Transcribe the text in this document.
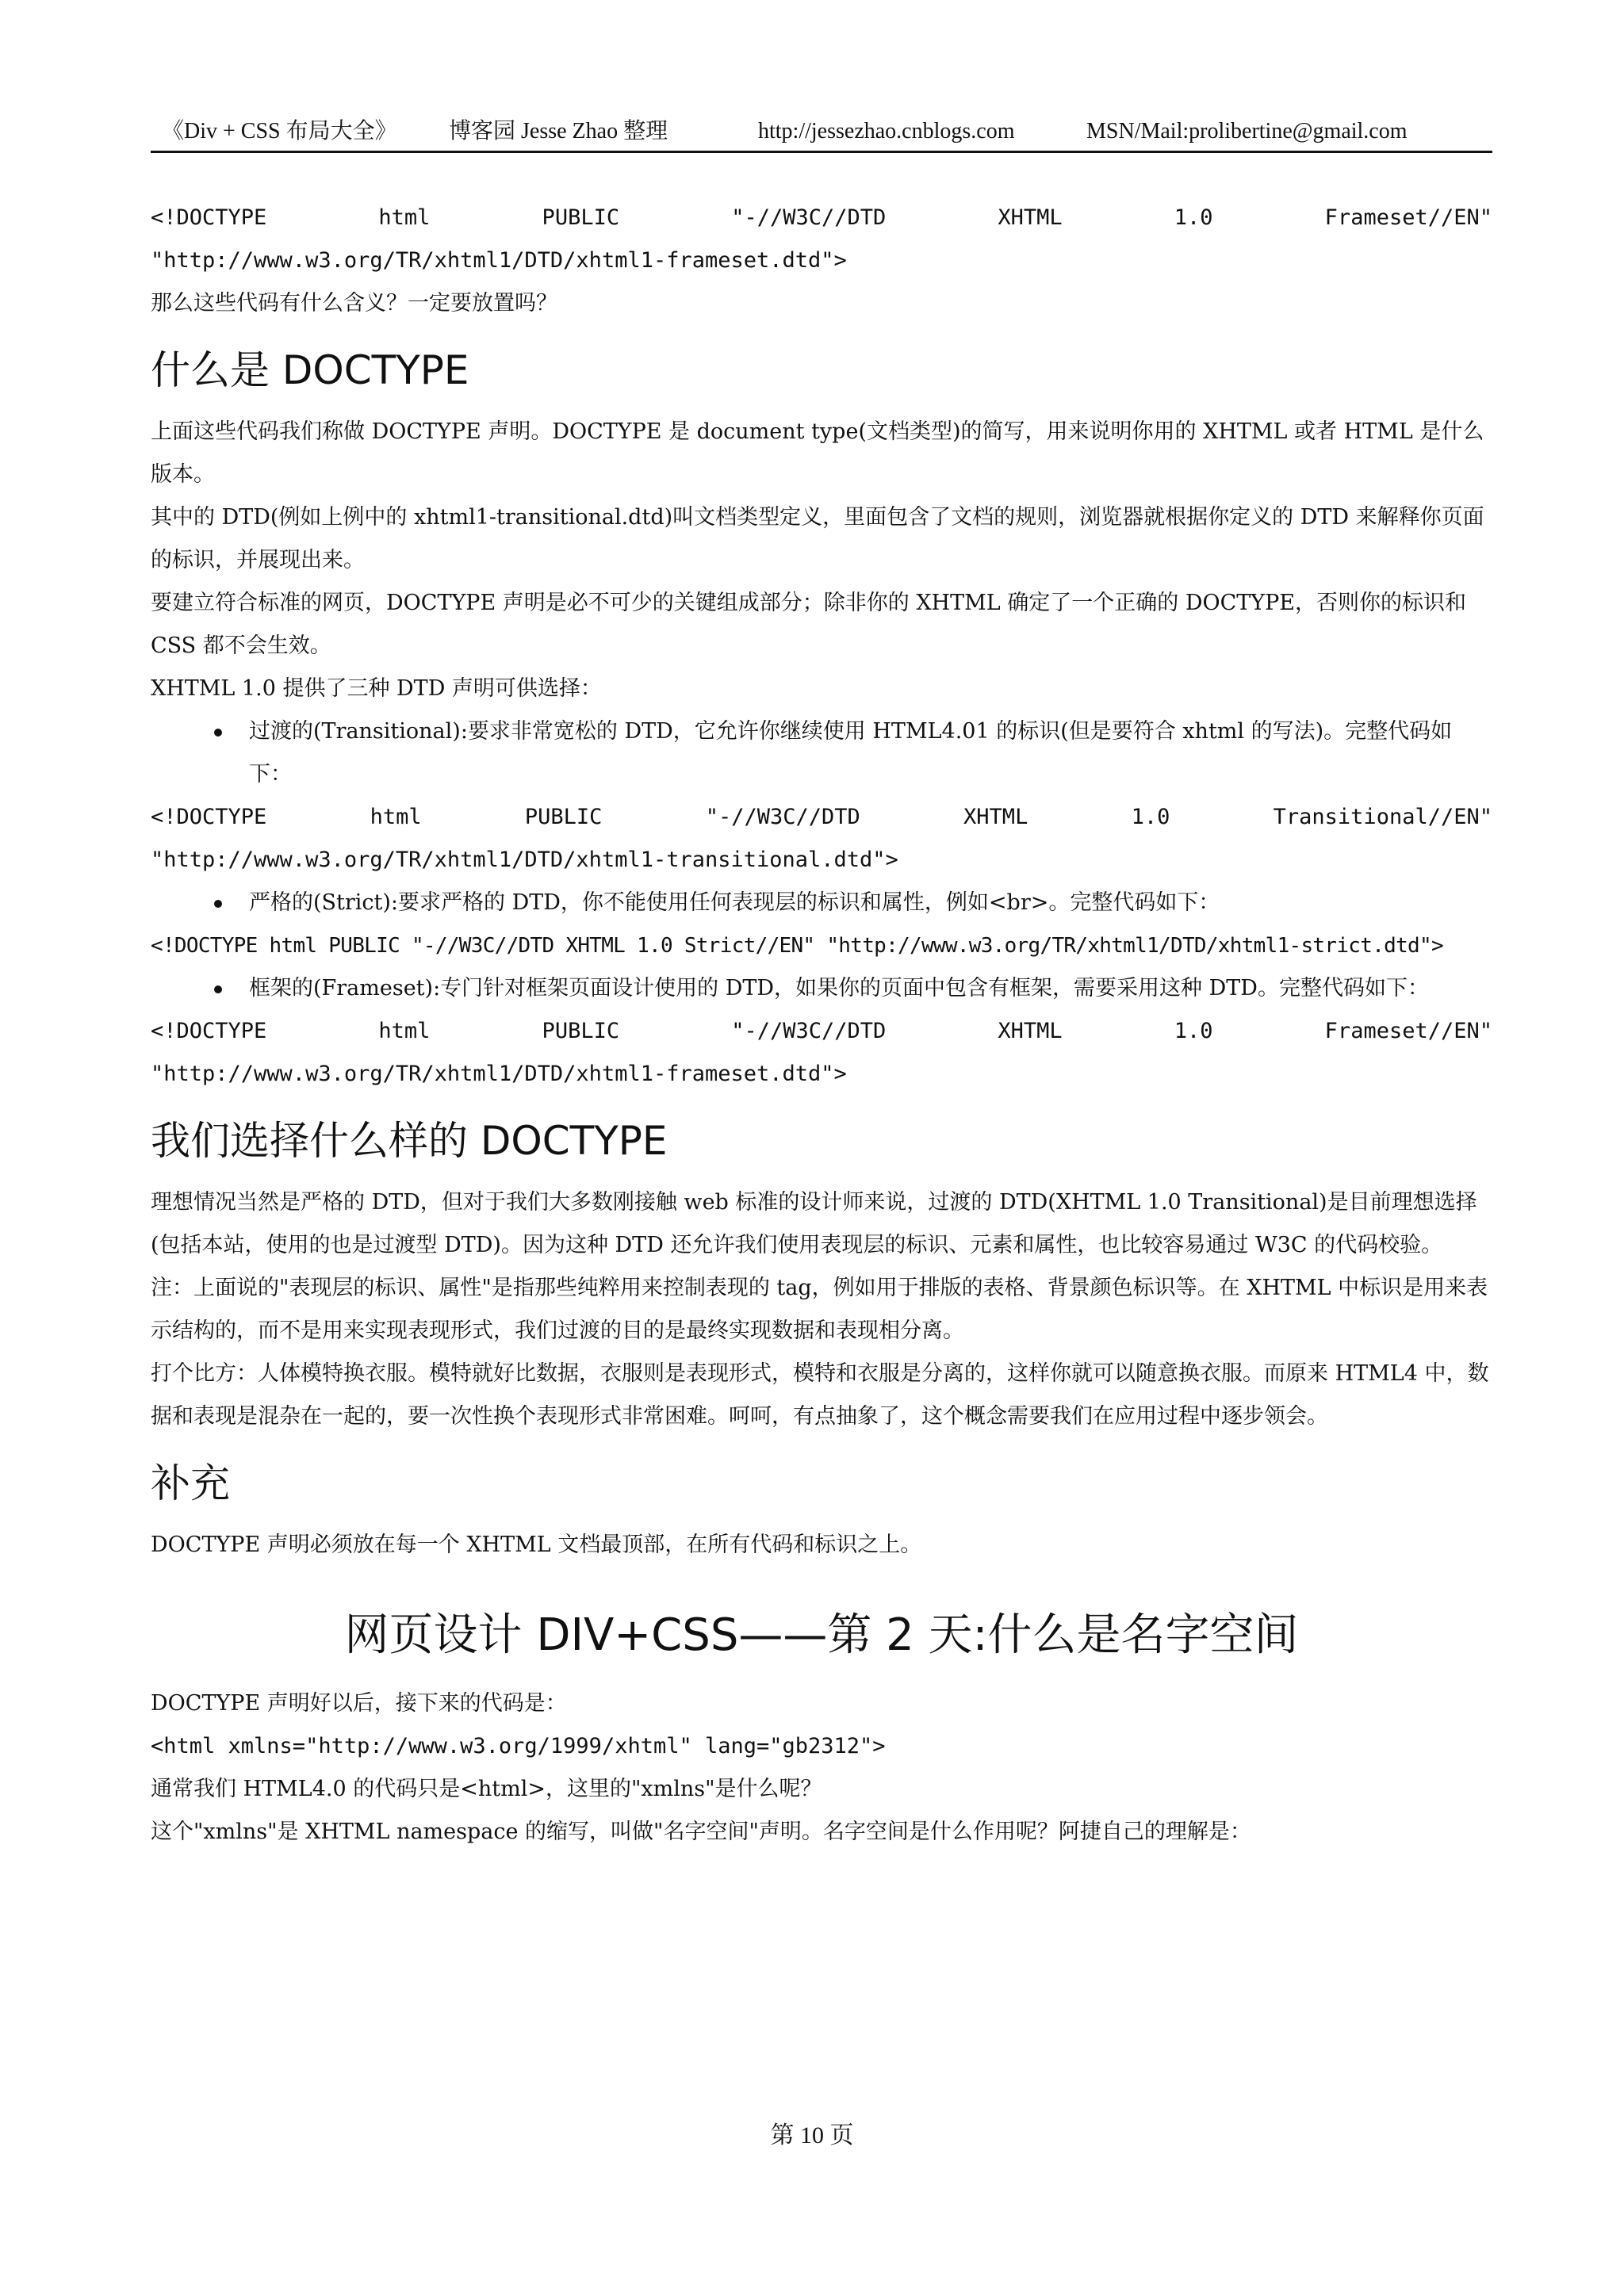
《Div + CSS 布局大全》 博客园 Jesse Zhao 整理	http://jessezhao.cnblogs.com	MSN/Mail:prolibertine@gmail.com

<!DOCTYPE html PUBLIC "-//W3C//DTD XHTML 1.0 Frameset//EN"

"http://www.w3.org/TR/xhtml1/DTD/xhtml1-frameset.dtd">

那么这些代码有什么含义？一定要放置吗？

什么是 DOCTYPE

上面这些代码我们称做 DOCTYPE 声明。DOCTYPE 是 document type(文档类型)的简写，用来说明你用的 XHTML 或者 HTML 是什么版本。

其中的 DTD(例如上例中的 xhtml1-transitional.dtd)叫文档类型定义，里面包含了文档的规则，浏览器就根据你定义的 DTD 来解释你页面的标识，并展现出来。

要建立符合标准的网页，DOCTYPE 声明是必不可少的关键组成部分；除非你的 XHTML 确定了一个正确的 DOCTYPE，否则你的标识和 CSS 都不会生效。

XHTML 1.0 提供了三种 DTD 声明可供选择：

过渡的(Transitional):要求非常宽松的 DTD，它允许你继续使用 HTML4.01 的标识(但是要符合 xhtml 的写法)。完整代码如下：

<!DOCTYPE html PUBLIC "-//W3C//DTD XHTML 1.0 Transitional//EN"

"http://www.w3.org/TR/xhtml1/DTD/xhtml1-transitional.dtd">

严格的(Strict):要求严格的 DTD，你不能使用任何表现层的标识和属性，例如<br>。完整代码如下：

<!DOCTYPE html PUBLIC "-//W3C//DTD XHTML 1.0 Strict//EN" "http://www.w3.org/TR/xhtml1/DTD/xhtml1-strict.dtd">

框架的(Frameset):专门针对框架页面设计使用的 DTD，如果你的页面中包含有框架，需要采用这种 DTD。完整代码如下：

<!DOCTYPE html PUBLIC "-//W3C//DTD XHTML 1.0 Frameset//EN"

"http://www.w3.org/TR/xhtml1/DTD/xhtml1-frameset.dtd">

我们选择什么样的 DOCTYPE

理想情况当然是严格的 DTD，但对于我们大多数刚接触 web 标准的设计师来说，过渡的 DTD(XHTML 1.0 Transitional)是目前理想选择(包括本站，使用的也是过渡型 DTD)。因为这种 DTD 还允许我们使用表现层的标识、元素和属性，也比较容易通过 W3C 的代码校验。

注：上面说的"表现层的标识、属性"是指那些纯粹用来控制表现的 tag，例如用于排版的表格、背景颜色标识等。在 XHTML 中标识是用来表示结构的，而不是用来实现表现形式，我们过渡的目的是最终实现数据和表现相分离。

打个比方：人体模特换衣服。模特就好比数据，衣服则是表现形式，模特和衣服是分离的，这样你就可以随意换衣服。而原来 HTML4 中，数据和表现是混杂在一起的，要一次性换个表现形式非常困难。呵呵，有点抽象了，这个概念需要我们在应用过程中逐步领会。

补充

DOCTYPE 声明必须放在每一个 XHTML 文档最顶部，在所有代码和标识之上。

网页设计 DIV+CSS——第 2 天:什么是名字空间

DOCTYPE 声明好以后，接下来的代码是：

<html xmlns="http://www.w3.org/1999/xhtml" lang="gb2312">

通常我们 HTML4.0 的代码只是<html>，这里的"xmlns"是什么呢？

这个"xmlns"是 XHTML namespace 的缩写，叫做"名字空间"声明。名字空间是什么作用呢？阿捷自己的理解是：

第 10 页
